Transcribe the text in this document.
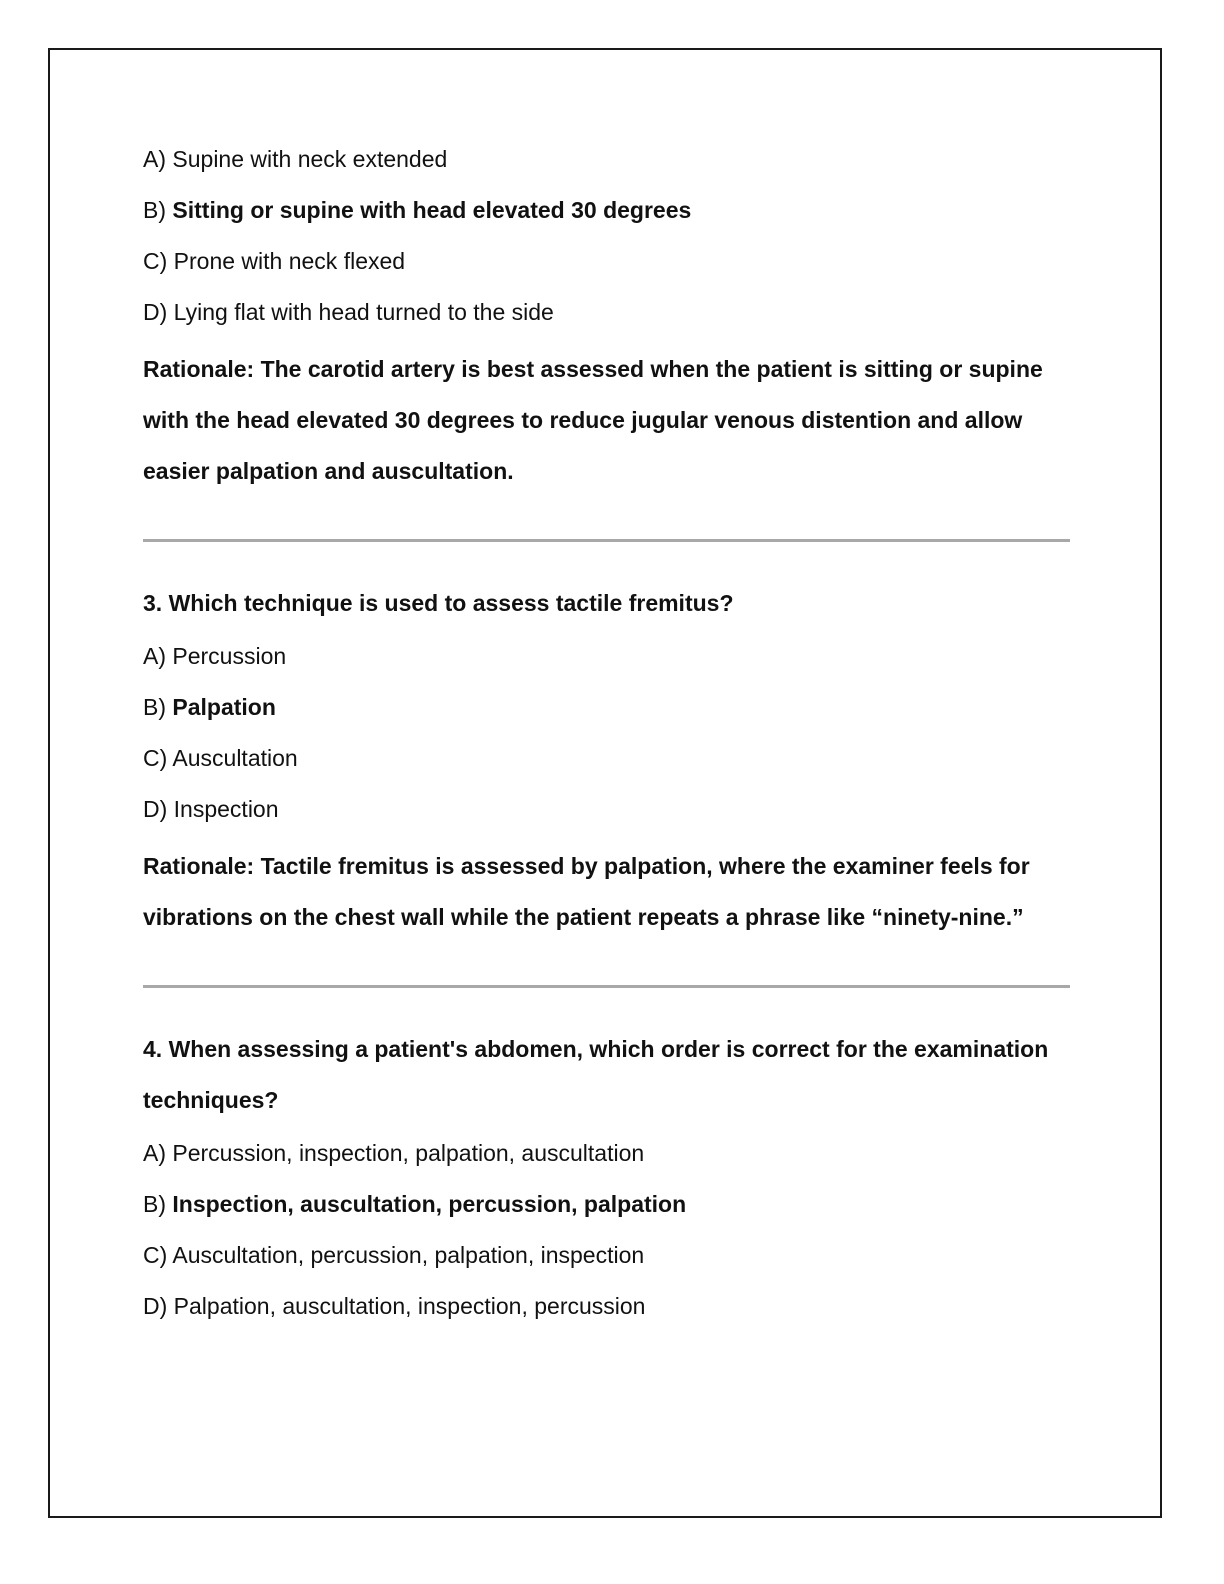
A) Supine with neck extended

B) Sitting or supine with head elevated 30 degrees

C) Prone with neck flexed

D) Lying flat with head turned to the side

Rationale: The carotid artery is best assessed when the patient is sitting or supine with the head elevated 30 degrees to reduce jugular venous distention and allow easier palpation and auscultation.

3. Which technique is used to assess tactile fremitus?

A) Percussion

B) Palpation

C) Auscultation

D) Inspection

Rationale: Tactile fremitus is assessed by palpation, where the examiner feels for vibrations on the chest wall while the patient repeats a phrase like “ninety-nine.”

4. When assessing a patient's abdomen, which order is correct for the examination techniques?

A) Percussion, inspection, palpation, auscultation

B) Inspection, auscultation, percussion, palpation

C) Auscultation, percussion, palpation, inspection

D) Palpation, auscultation, inspection, percussion
